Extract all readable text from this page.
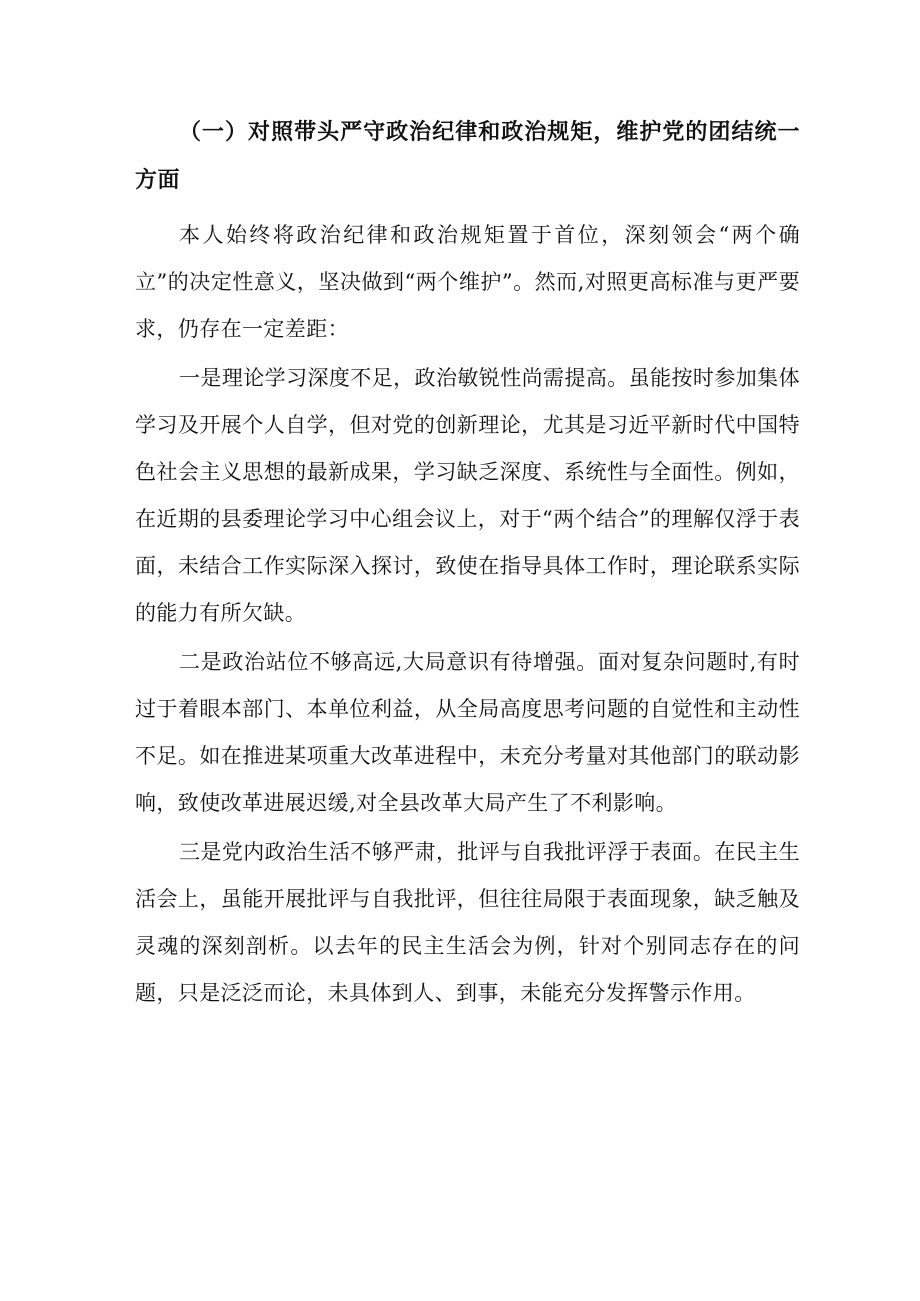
（一）对照带头严守政治纪律和政治规矩，维护党的团结统一方面

本人始终将政治纪律和政治规矩置于首位，深刻领会“两个确立”的决定性意义，坚决做到“两个维护”。然而,对照更高标准与更严要求，仍存在一定差距：

一是理论学习深度不足，政治敏锐性尚需提高。虽能按时参加集体学习及开展个人自学，但对党的创新理论，尤其是习近平新时代中国特色社会主义思想的最新成果，学习缺乏深度、系统性与全面性。例如，在近期的县委理论学习中心组会议上，对于“两个结合”的理解仅浮于表面，未结合工作实际深入探讨，致使在指导具体工作时，理论联系实际的能力有所欠缺。

二是政治站位不够高远,大局意识有待增强。面对复杂问题时,有时过于着眼本部门、本单位利益，从全局高度思考问题的自觉性和主动性不足。如在推进某项重大改革进程中，未充分考量对其他部门的联动影响，致使改革进展迟缓,对全县改革大局产生了不利影响。

三是党内政治生活不够严肃，批评与自我批评浮于表面。在民主生活会上，虽能开展批评与自我批评，但往往局限于表面现象，缺乏触及灵魂的深刻剖析。以去年的民主生活会为例，针对个别同志存在的问题，只是泛泛而论，未具体到人、到事，未能充分发挥警示作用。
